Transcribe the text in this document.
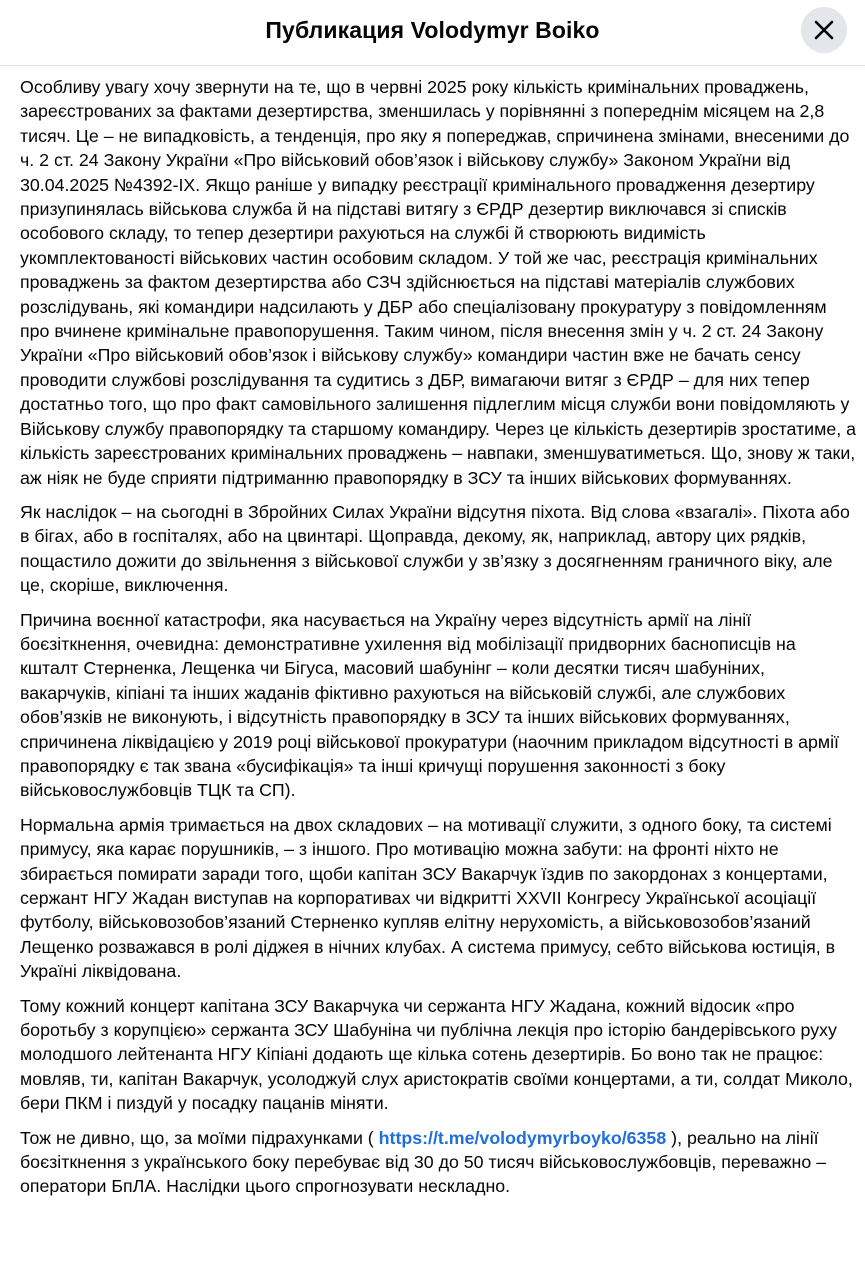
Публикация Volodymyr Boiko

Особливу увагу хочу звернути на те, що в червні 2025 року кількість кримінальних проваджень, зареєстрованих за фактами дезертирства, зменшилась у порівнянні з попереднім місяцем на 2,8 тисяч. Це – не випадковість, а тенденція, про яку я попереджав, спричинена змінами, внесеними до ч. 2 ст. 24 Закону України «Про військовий обов’язок і військову службу» Законом України від 30.04.2025 №4392-IX. Якщо раніше у випадку реєстрації кримінального провадження дезертиру призупинялась військова служба й на підставі витягу з ЄРДР дезертир виключався зі списків особового складу, то тепер дезертири рахуються на службі й створюють видимість укомплектованості військових частин особовим складом. У той же час, реєстрація кримінальних проваджень за фактом дезертирства або СЗЧ здійснюється на підставі матеріалів службових розслідувань, які командири надсилають у ДБР або спеціалізовану прокуратуру з повідомленням про вчинене кримінальне правопорушення. Таким чином, після внесення змін у ч. 2 ст. 24 Закону України «Про військовий обов’язок і військову службу» командири частин вже не бачать сенсу проводити службові розслідування та судитись з ДБР, вимагаючи витяг з ЄРДР – для них тепер достатньо того, що про факт самовільного залишення підлеглим місця служби вони повідомляють у Військову службу правопорядку та старшому командиру. Через це кількість дезертирів зростатиме, а кількість зареєстрованих кримінальних проваджень – навпаки, зменшуватиметься. Що, знову ж таки, аж ніяк не буде сприяти підтриманню правопорядку в ЗСУ та інших військових формуваннях.

Як наслідок – на сьогодні в Збройних Силах України відсутня піхота. Від слова «взагалі». Піхота або в бігах, або в госпіталях, або на цвинтарі. Щоправда, декому, як, наприклад, автору цих рядків, пощастило дожити до звільнення з військової служби у зв’язку з досягненням граничного віку, але це, скоріше, виключення.

Причина воєнної катастрофи, яка насувається на Україну через відсутність армії на лінії боєзіткнення, очевидна: демонстративне ухилення від мобілізації придворних баснописців на кшталт Стерненка, Лещенка чи Бігуса, масовий шабунінг – коли десятки тисяч шабуніних, вакарчуків, кіпіані та інших жаданів фіктивно рахуються на військовій службі, але службових обов’язків не виконують, і відсутність правопорядку в ЗСУ та інших військових формуваннях, спричинена ліквідацією у 2019 році військової прокуратури (наочним прикладом відсутності в армії правопорядку є так звана «бусифікація» та інші кричущі порушення законності з боку військовослужбовців ТЦК та СП).

Нормальна армія тримається на двох складових – на мотивації служити, з одного боку, та системі примусу, яка карає порушників, – з іншого. Про мотивацію можна забути: на фронті ніхто не збирається помирати заради того, щоби капітан ЗСУ Вакарчук їздив по закордонах з концертами, сержант НГУ Жадан виступав на корпоративах чи відкритті XXVII Конгресу Української асоціації футболу, військовозобов’язаний Стерненко купляв елітну нерухомість, а військовозобов’язаний Лещенко розважався в ролі діджея в нічних клубах. А система примусу, себто військова юстиція, в Україні ліквідована.

Тому кожний концерт капітана ЗСУ Вакарчука чи сержанта НГУ Жадана, кожний відосик «про боротьбу з корупцією» сержанта ЗСУ Шабуніна чи публічна лекція про історію бандерівського руху молодшого лейтенанта НГУ Кіпіані додають ще кілька сотень дезертирів. Бо воно так не працює: мовляв, ти, капітан Вакарчук, усолоджуй слух аристократів своїми концертами, а ти, солдат Миколо, бери ПКМ і пиздуй у посадку пацанів міняти.

Тож не дивно, що, за моїми підрахунками ( https://t.me/volodymyrboyko/6358 ), реально на лінії боєзіткнення з українського боку перебуває від 30 до 50 тисяч військовослужбовців, переважно – оператори БпЛА. Наслідки цього спрогнозувати нескладно.
